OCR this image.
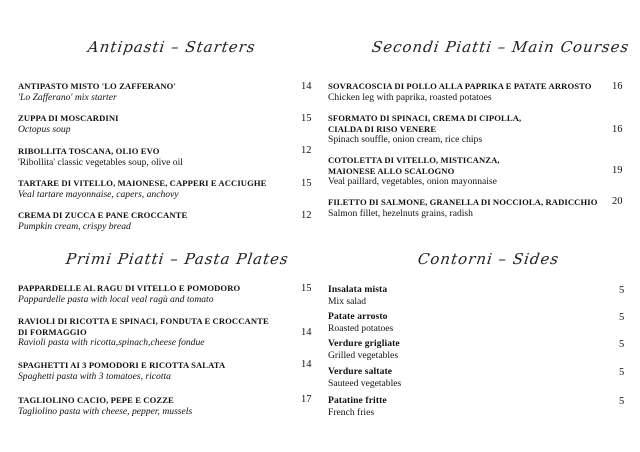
Antipasti – Starters
Primi Piatti – Pasta Plates
Secondi Piatti – Main Courses
Contorni – Sides
ANTIPASTO MISTO 'LO ZAFFERANO'
'Lo Zafferano' mix starter
14
ZUPPA DI MOSCARDINI
Octopus soup
15
RIBOLLITA TOSCANA, OLIO EVO
'Ribollita' classic vegetables soup, olive oil
12
TARTARE DI VITELLO, MAIONESE, CAPPERI E ACCIUGHE
Veal tartare mayonnaise, capers, anchovy
15
CREMA DI ZUCCA E PANE CROCCANTE
Pumpkin cream, crispy bread
12
PAPPARDELLE AL RAGU DI VITELLO E POMODORO
Pappardelle pasta with local veal ragù and tomato
15
RAVIOLI DI RICOTTA E SPINACI, FONDUTA E CROCCANTE DI FORMAGGIO
Ravioli pasta with ricotta,spinach,cheese fondue
14
SPAGHETTI AI 3 POMODORI E RICOTTA SALATA
Spaghetti pasta with 3 tomatoes, ricotta
14
TAGLIOLINO CACIO, PEPE E COZZE
Tagliolino pasta with cheese, pepper, mussels
17
SOVRACOSCIA DI POLLO ALLA PAPRIKA E PATATE ARROSTO
Chicken leg with paprika, roasted potatoes
16
SFORMATO DI SPINACI, CREMA DI CIPOLLA, CIALDA DI RISO VENERE
Spinach souffle, onion cream, rice chips
16
COTOLETTA DI VITELLO, MISTICANZA, MAIONESE ALLO SCALOGNO
Veal paillard, vegetables, onion mayonnaise
19
FILETTO DI SALMONE, GRANELLA DI NOCCIOLA, RADICCHIO
Salmon fillet, hezelnuts grains, radish
20
Insalata mista
Mix salad
5
Patate arrosto
Roasted potatoes
5
Verdure grigliate
Grilled vegetables
5
Verdure saltate
Sauteed vegetables
5
Patatine fritte
French fries
5
